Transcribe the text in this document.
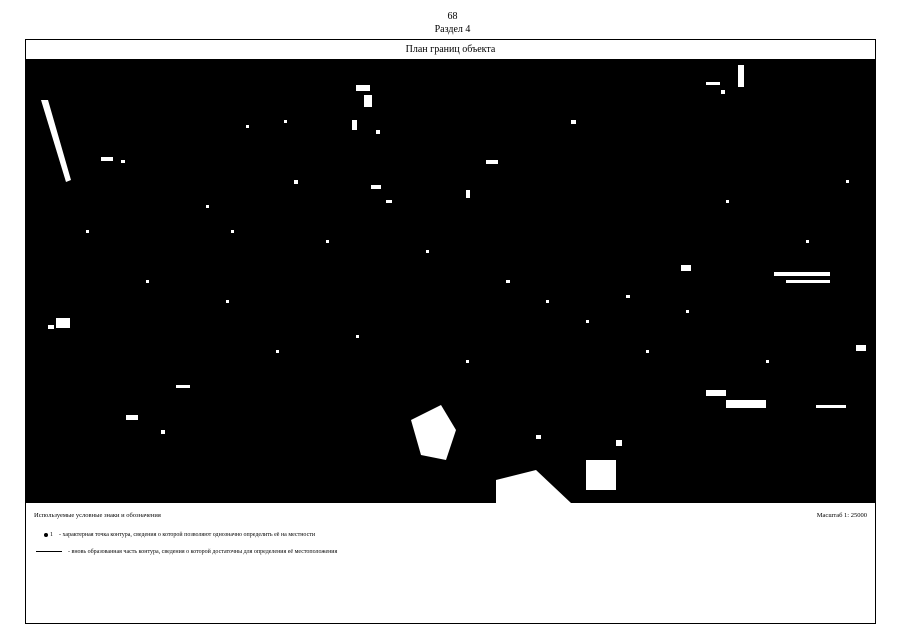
68
Раздел 4
План границ объекта
Используемые условные знаки и обозначения	Масштаб 1: 25000
1 - характерная точка контура, сведения о которой позволяют однозначно определить её на местности
- вновь образованная часть контура, сведения о которой достаточны для определения её местоположения
